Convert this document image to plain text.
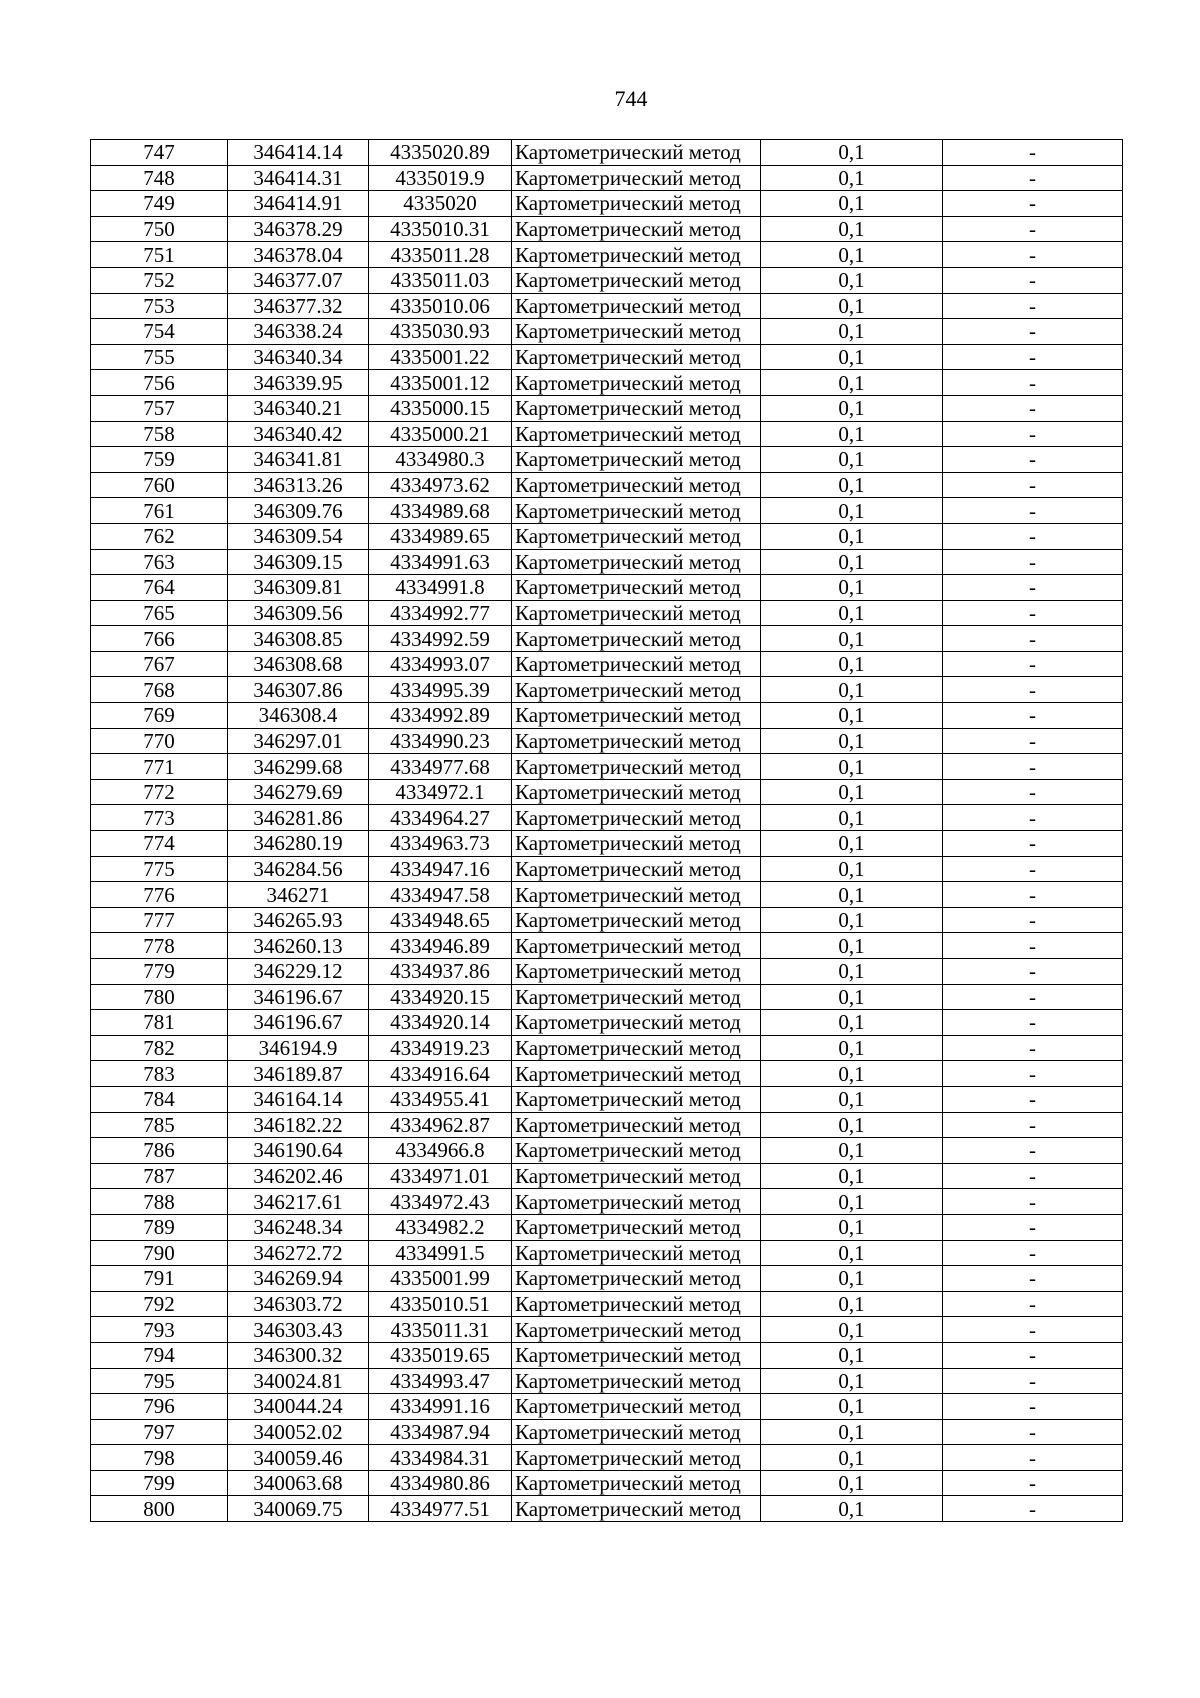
744
747	346414.14	4335020.89	Картометрический метод	0,1	-
748	346414.31	4335019.9	Картометрический метод	0,1	-
749	346414.91	4335020	Картометрический метод	0,1	-
750	346378.29	4335010.31	Картометрический метод	0,1	-
751	346378.04	4335011.28	Картометрический метод	0,1	-
752	346377.07	4335011.03	Картометрический метод	0,1	-
753	346377.32	4335010.06	Картометрический метод	0,1	-
754	346338.24	4335030.93	Картометрический метод	0,1	-
755	346340.34	4335001.22	Картометрический метод	0,1	-
756	346339.95	4335001.12	Картометрический метод	0,1	-
757	346340.21	4335000.15	Картометрический метод	0,1	-
758	346340.42	4335000.21	Картометрический метод	0,1	-
759	346341.81	4334980.3	Картометрический метод	0,1	-
760	346313.26	4334973.62	Картометрический метод	0,1	-
761	346309.76	4334989.68	Картометрический метод	0,1	-
762	346309.54	4334989.65	Картометрический метод	0,1	-
763	346309.15	4334991.63	Картометрический метод	0,1	-
764	346309.81	4334991.8	Картометрический метод	0,1	-
765	346309.56	4334992.77	Картометрический метод	0,1	-
766	346308.85	4334992.59	Картометрический метод	0,1	-
767	346308.68	4334993.07	Картометрический метод	0,1	-
768	346307.86	4334995.39	Картометрический метод	0,1	-
769	346308.4	4334992.89	Картометрический метод	0,1	-
770	346297.01	4334990.23	Картометрический метод	0,1	-
771	346299.68	4334977.68	Картометрический метод	0,1	-
772	346279.69	4334972.1	Картометрический метод	0,1	-
773	346281.86	4334964.27	Картометрический метод	0,1	-
774	346280.19	4334963.73	Картометрический метод	0,1	-
775	346284.56	4334947.16	Картометрический метод	0,1	-
776	346271	4334947.58	Картометрический метод	0,1	-
777	346265.93	4334948.65	Картометрический метод	0,1	-
778	346260.13	4334946.89	Картометрический метод	0,1	-
779	346229.12	4334937.86	Картометрический метод	0,1	-
780	346196.67	4334920.15	Картометрический метод	0,1	-
781	346196.67	4334920.14	Картометрический метод	0,1	-
782	346194.9	4334919.23	Картометрический метод	0,1	-
783	346189.87	4334916.64	Картометрический метод	0,1	-
784	346164.14	4334955.41	Картометрический метод	0,1	-
785	346182.22	4334962.87	Картометрический метод	0,1	-
786	346190.64	4334966.8	Картометрический метод	0,1	-
787	346202.46	4334971.01	Картометрический метод	0,1	-
788	346217.61	4334972.43	Картометрический метод	0,1	-
789	346248.34	4334982.2	Картометрический метод	0,1	-
790	346272.72	4334991.5	Картометрический метод	0,1	-
791	346269.94	4335001.99	Картометрический метод	0,1	-
792	346303.72	4335010.51	Картометрический метод	0,1	-
793	346303.43	4335011.31	Картометрический метод	0,1	-
794	346300.32	4335019.65	Картометрический метод	0,1	-
795	340024.81	4334993.47	Картометрический метод	0,1	-
796	340044.24	4334991.16	Картометрический метод	0,1	-
797	340052.02	4334987.94	Картометрический метод	0,1	-
798	340059.46	4334984.31	Картометрический метод	0,1	-
799	340063.68	4334980.86	Картометрический метод	0,1	-
800	340069.75	4334977.51	Картометрический метод	0,1	-
